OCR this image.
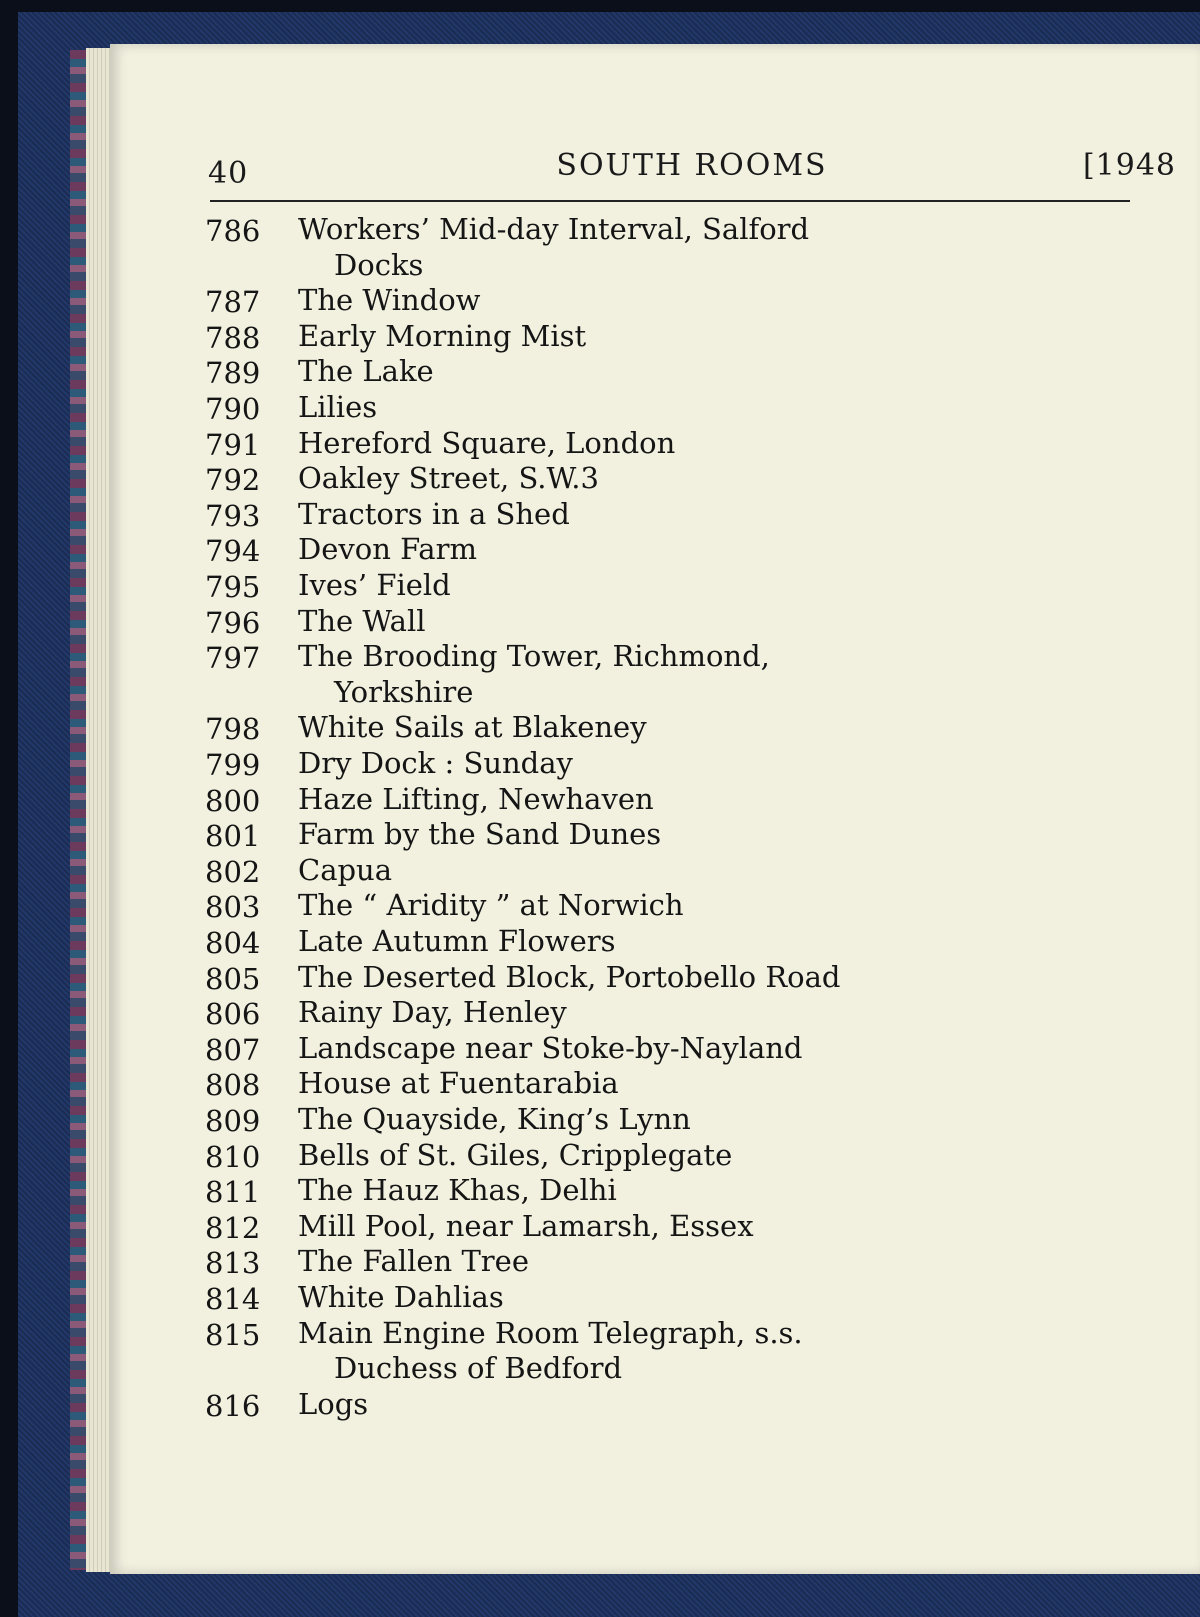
40	SOUTH ROOMS	[1948
786 Workers’ Mid-day Interval, Salford
Docks
787 The Window
788 Early Morning Mist
789 The Lake
790 Lilies
791 Hereford Square, London
792 Oakley Street, S.W.3
793 Tractors in a Shed
794 Devon Farm
795 Ives’ Field
796 The Wall
797 The Brooding Tower, Richmond,
Yorkshire
798 White Sails at Blakeney
799 Dry Dock : Sunday
800 Haze Lifting, Newhaven
801 Farm by the Sand Dunes
802 Capua
803 The “ Aridity ” at Norwich
804 Late Autumn Flowers
805 The Deserted Block, Portobello Road
806 Rainy Day, Henley
807 Landscape near Stoke-by-Nayland
808 House at Fuentarabia
809 The Quayside, King’s Lynn
810 Bells of St. Giles, Cripplegate
811 The Hauz Khas, Delhi
812 Mill Pool, near Lamarsh, Essex
813 The Fallen Tree
814 White Dahlias
815 Main Engine Room Telegraph, s.s.
Duchess of Bedford
816 Logs
